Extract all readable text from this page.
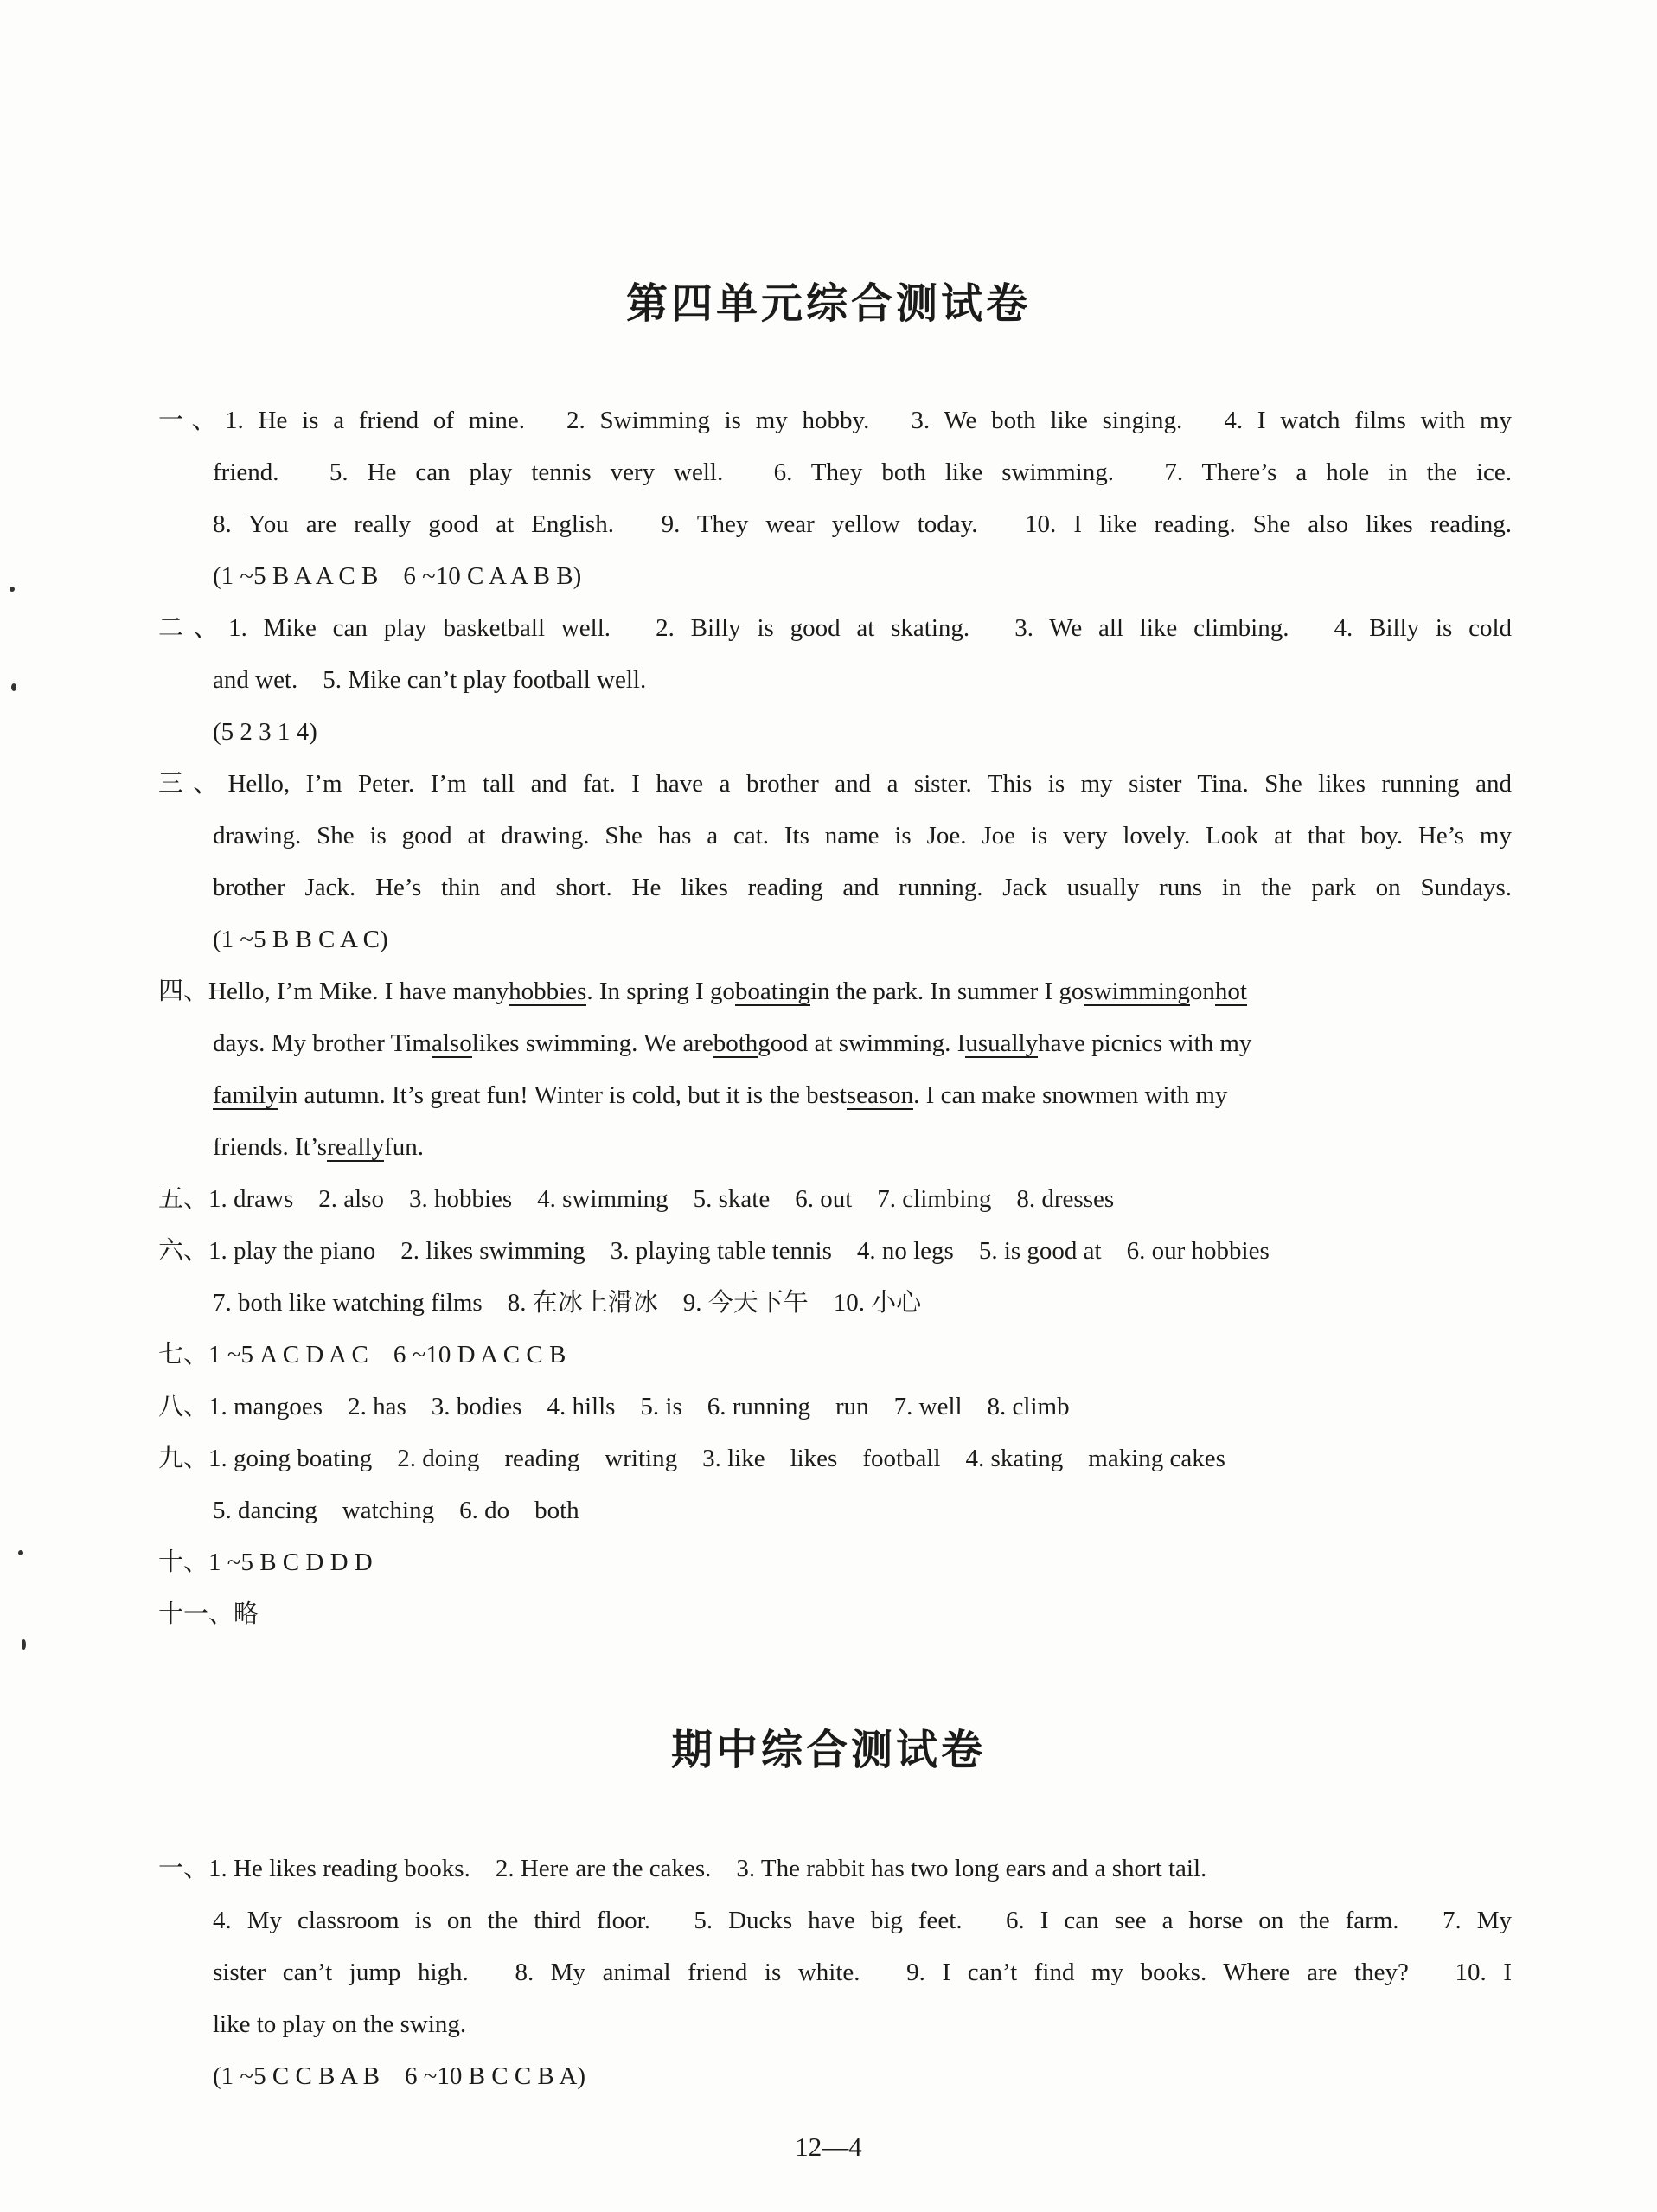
第四单元综合测试卷
一、1. He is a friend of mine.　2. Swimming is my hobby.　3. We both like singing.　4. I watch films with my
friend.　5. He can play tennis very well.　6. They both like swimming.　7. There’s a hole in the ice.
8. You are really good at English.　9. They wear yellow today.　10. I like reading. She also likes reading.
(1 ~5 B A A C B　6 ~10 C A A B B)
二、1. Mike can play basketball well.　2. Billy is good at skating.　3. We all like climbing.　4. Billy is cold
and wet.　5. Mike can’t play football well.
(5 2 3 1 4)
三、Hello, I’m Peter. I’m tall and fat. I have a brother and a sister. This is my sister Tina. She likes running and
drawing. She is good at drawing. She has a cat. Its name is Joe. Joe is very lovely. Look at that boy. He’s my
brother Jack. He’s thin and short. He likes reading and running. Jack usually runs in the park on Sundays.
(1 ~5 B B C A C)
四、Hello, I’m Mike. I have manyhobbies. In spring I goboatingin the park. In summer I goswimmingonhot
days. My brother Timalsolikes swimming. We arebothgood at swimming. Iusuallyhave picnics with my
familyin autumn. It’s great fun! Winter is cold, but it is the bestseason. I can make snowmen with my
friends. It’sreallyfun.
五、1. draws　2. also　3. hobbies　4. swimming　5. skate　6. out　7. climbing　8. dresses
六、1. play the piano　2. likes swimming　3. playing table tennis　4. no legs　5. is good at　6. our hobbies
7. both like watching films　8. 在冰上滑冰　9. 今天下午　10. 小心
七、1 ~5 A C D A C　6 ~10 D A C C B
八、1. mangoes　2. has　3. bodies　4. hills　5. is　6. running　run　7. well　8. climb
九、1. going boating　2. doing　reading　writing　3. like　likes　football　4. skating　making cakes
5. dancing　watching　6. do　both
十、1 ~5 B C D D D
十一、略
期中综合测试卷
一、1. He likes reading books.　2. Here are the cakes.　3. The rabbit has two long ears and a short tail.
4. My classroom is on the third floor.　5. Ducks have big feet.　6. I can see a horse on the farm.　7. My
sister can’t jump high.　8. My animal friend is white.　9. I can’t find my books. Where are they?　10. I
like to play on the swing.
(1 ~5 C C B A B　6 ~10 B C C B A)
12—4
